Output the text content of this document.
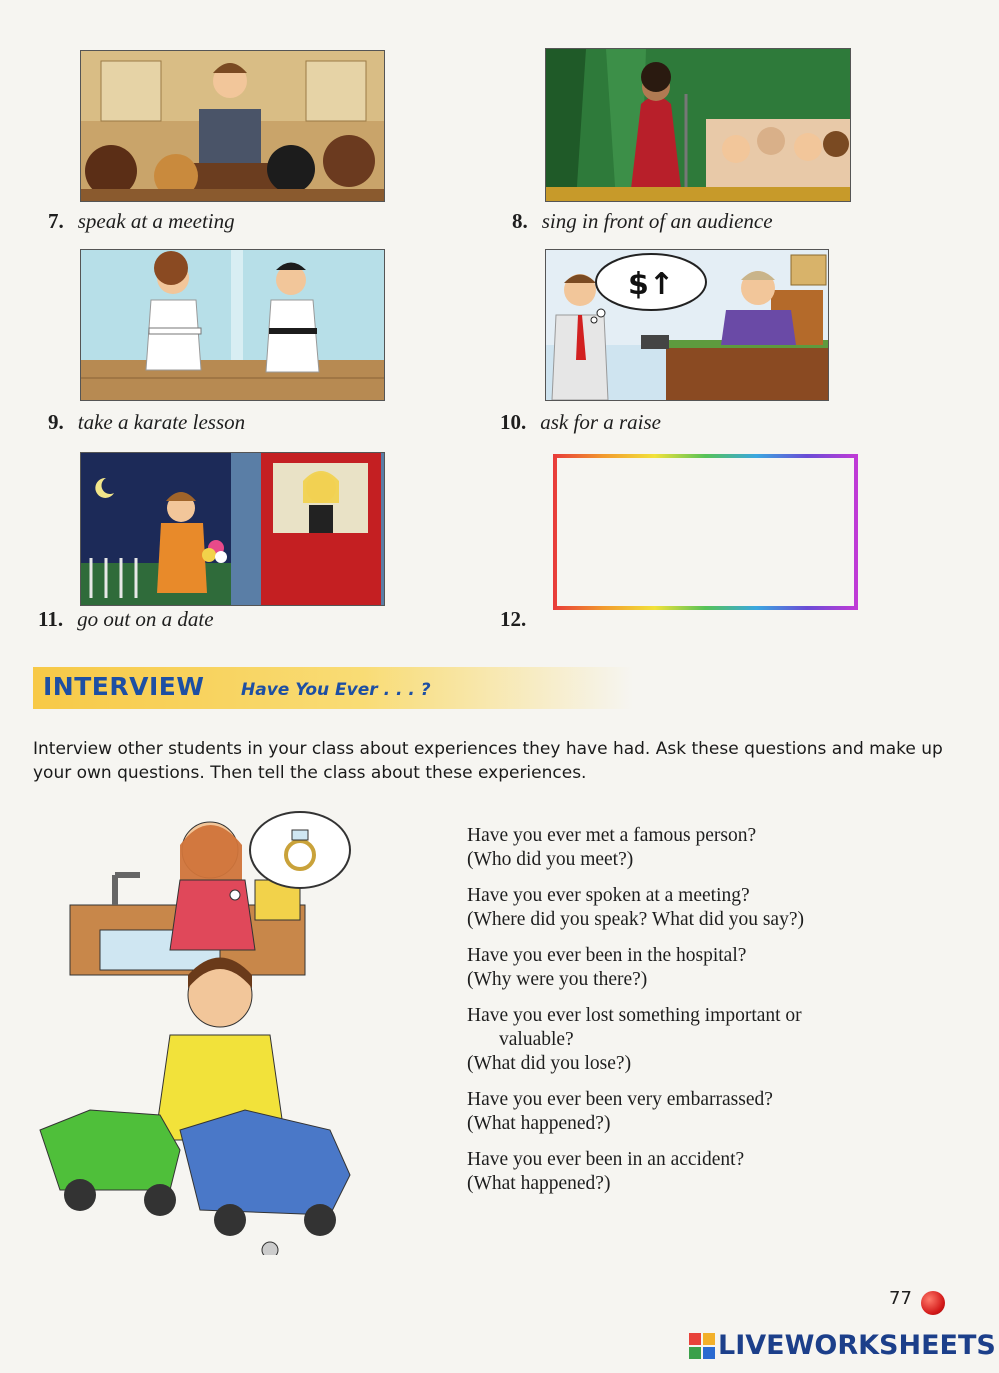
7. speak at a meeting	8. sing in front of an audience
9. take a karate lesson
$↑
10. ask for a raise
11. go out on a date	12.
INTERVIEW Have You Ever . . . ?
Interview other students in your class about experiences they have had. Ask these questions and make up your own questions. Then tell the class about these experiences.
Have you ever met a famous person?
(Who did you meet?)
Have you ever spoken at a meeting?
(Where did you speak? What did you say?)
Have you ever been in the hospital?
(Why were you there?)
Have you ever lost something important or
valuable?
(What did you lose?)
Have you ever been very embarrassed?
(What happened?)
Have you ever been in an accident?
(What happened?)
77
LIVEWORKSHEETS
